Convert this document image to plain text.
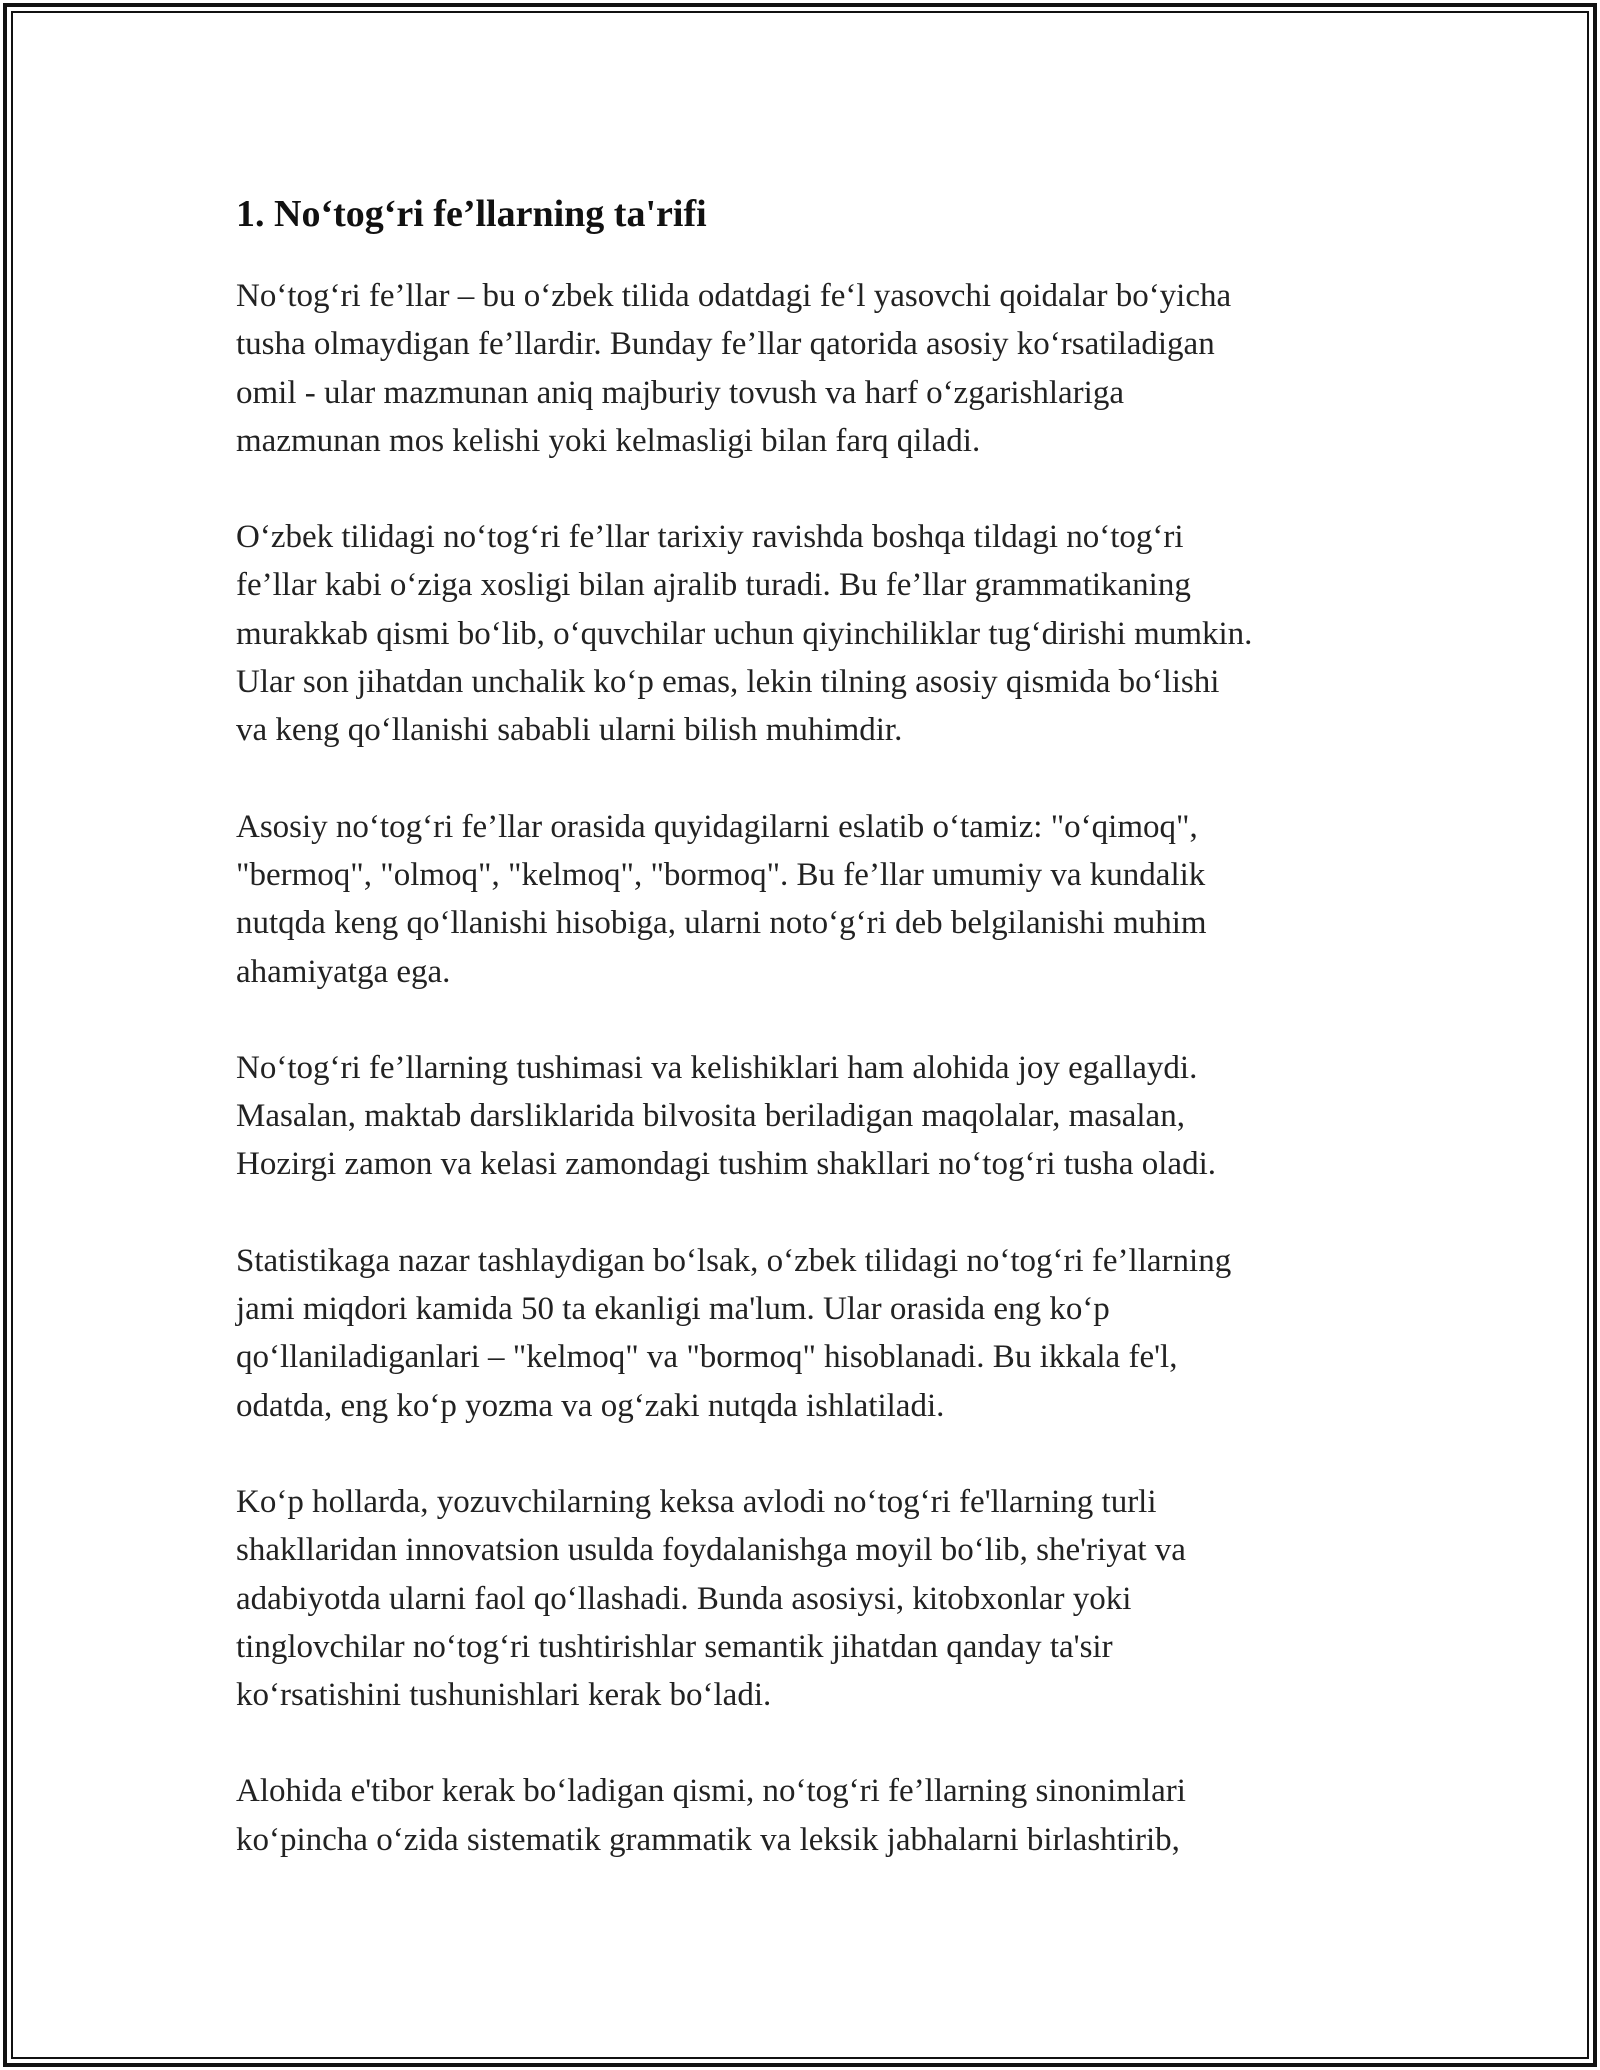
1. No‘tog‘ri fe’llarning ta'rifi

No‘tog‘ri fe’llar – bu o‘zbek tilida odatdagi fe‘l yasovchi qoidalar bo‘yicha
tusha olmaydigan fe’llardir. Bunday fe’llar qatorida asosiy ko‘rsatiladigan
omil - ular mazmunan aniq majburiy tovush va harf o‘zgarishlariga
mazmunan mos kelishi yoki kelmasligi bilan farq qiladi.

O‘zbek tilidagi no‘tog‘ri fe’llar tarixiy ravishda boshqa tildagi no‘tog‘ri
fe’llar kabi o‘ziga xosligi bilan ajralib turadi. Bu fe’llar grammatikaning
murakkab qismi bo‘lib, o‘quvchilar uchun qiyinchiliklar tug‘dirishi mumkin.
Ular son jihatdan unchalik ko‘p emas, lekin tilning asosiy qismida bo‘lishi
va keng qo‘llanishi sababli ularni bilish muhimdir.

Asosiy no‘tog‘ri fe’llar orasida quyidagilarni eslatib o‘tamiz: "o‘qimoq",
"bermoq", "olmoq", "kelmoq", "bormoq". Bu fe’llar umumiy va kundalik
nutqda keng qo‘llanishi hisobiga, ularni noto‘g‘ri deb belgilanishi muhim
ahamiyatga ega.

No‘tog‘ri fe’llarning tushimasi va kelishiklari ham alohida joy egallaydi.
Masalan, maktab darsliklarida bilvosita beriladigan maqolalar, masalan,
Hozirgi zamon va kelasi zamondagi tushim shakllari no‘tog‘ri tusha oladi.

Statistikaga nazar tashlaydigan bo‘lsak, o‘zbek tilidagi no‘tog‘ri fe’llarning
jami miqdori kamida 50 ta ekanligi ma'lum. Ular orasida eng ko‘p
qo‘llaniladiganlari – "kelmoq" va "bormoq" hisoblanadi. Bu ikkala fe'l,
odatda, eng ko‘p yozma va og‘zaki nutqda ishlatiladi.

Ko‘p hollarda, yozuvchilarning keksa avlodi no‘tog‘ri fe'llarning turli
shakllaridan innovatsion usulda foydalanishga moyil bo‘lib, she'riyat va
adabiyotda ularni faol qo‘llashadi. Bunda asosiysi, kitobxonlar yoki
tinglovchilar no‘tog‘ri tushtirishlar semantik jihatdan qanday ta'sir
ko‘rsatishini tushunishlari kerak bo‘ladi.

Alohida e'tibor kerak bo‘ladigan qismi, no‘tog‘ri fe’llarning sinonimlari
ko‘pincha o‘zida sistematik grammatik va leksik jabhalarni birlashtirib,
